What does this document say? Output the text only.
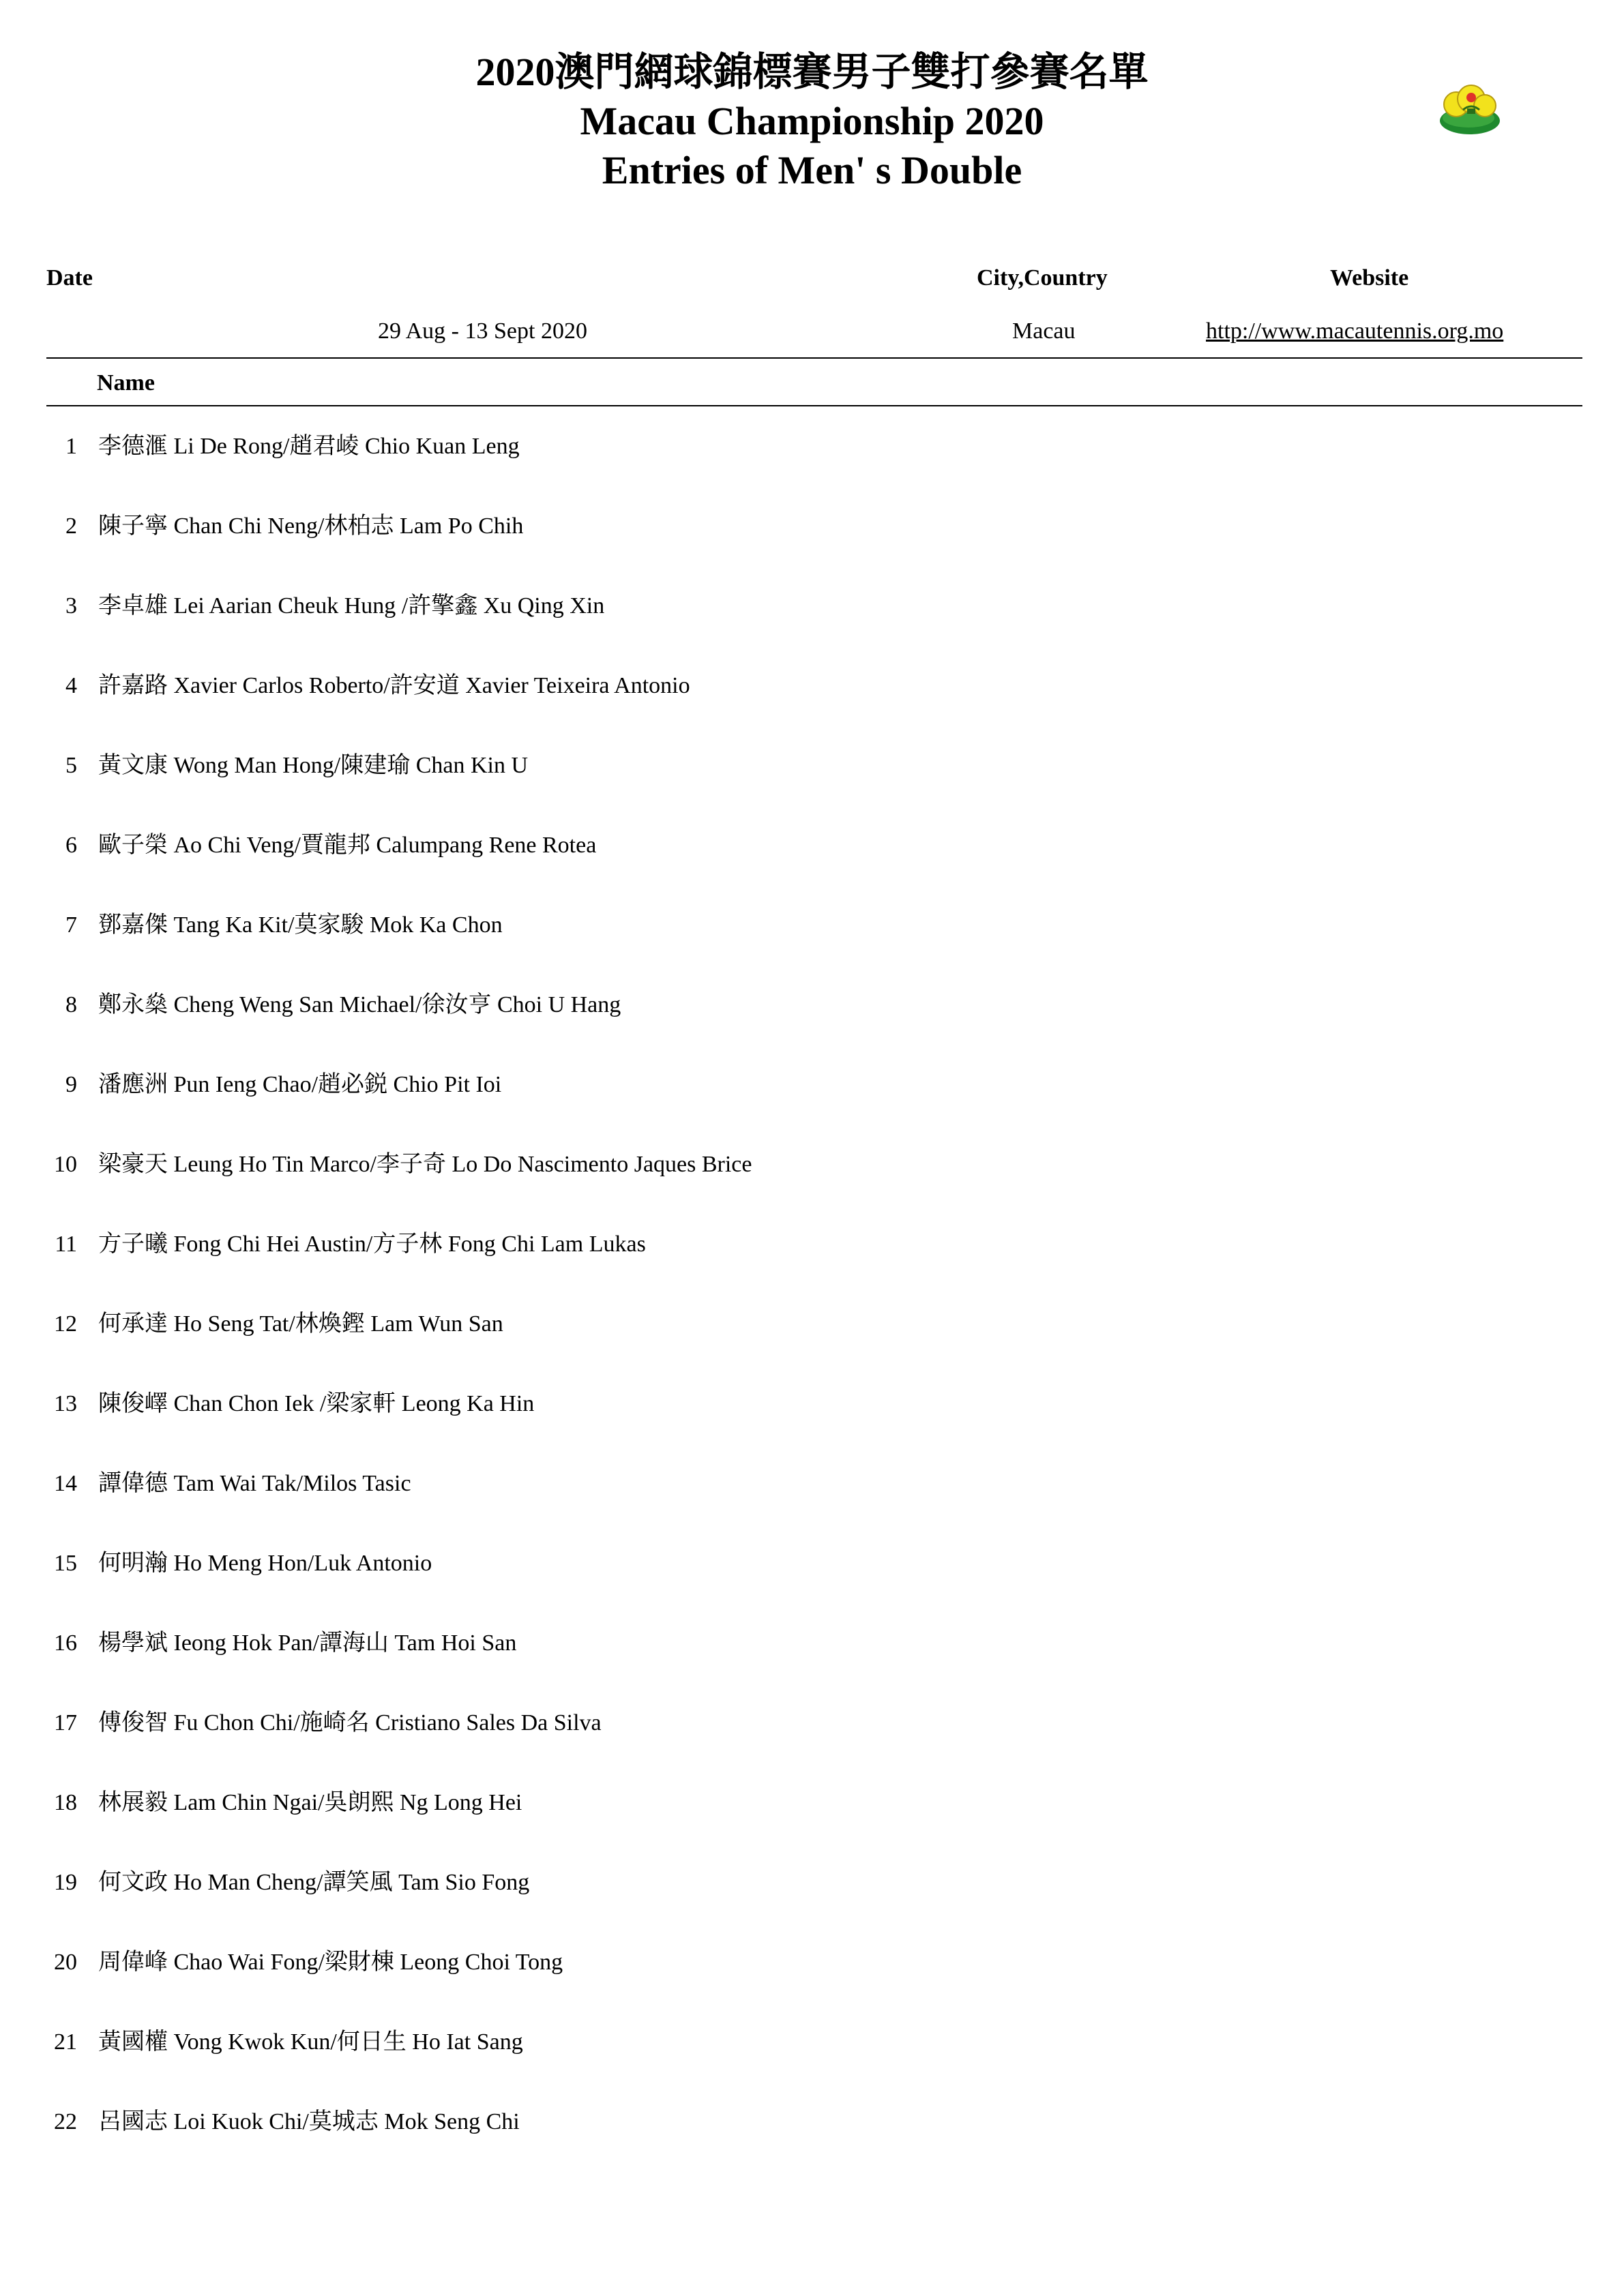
2020澳門網球錦標賽男子雙打參賽名單
Macau Championship 2020
Entries of Men' s Double
Date	City,Country	Website
29 Aug - 13 Sept 2020	Macau	http://www.macautennis.org.mo
Name
1 李德滙 Li De Rong/趙君崚 Chio Kuan Leng
2 陳子寧 Chan Chi Neng/林柏志 Lam Po Chih
3 李卓雄 Lei Aarian Cheuk Hung /許擎鑫 Xu Qing Xin
4 許嘉路 Xavier Carlos Roberto/許安道 Xavier Teixeira Antonio
5 黃文康 Wong Man Hong/陳建瑜 Chan Kin U
6 歐子榮 Ao Chi Veng/賈龍邦 Calumpang Rene Rotea
7 鄧嘉傑 Tang Ka Kit/莫家駿 Mok Ka Chon
8 鄭永燊 Cheng Weng San Michael/徐汝亨 Choi U Hang
9 潘應洲 Pun Ieng Chao/趙必鋭 Chio Pit Ioi
10 梁豪天 Leung Ho Tin Marco/李子奇 Lo Do Nascimento Jaques Brice
11 方子曦 Fong Chi Hei Austin/方子林 Fong Chi Lam Lukas
12 何承達 Ho Seng Tat/林煥鏗 Lam Wun San
13 陳俊嶧 Chan Chon Iek /梁家軒 Leong Ka Hin
14 譚偉德 Tam Wai Tak/Milos Tasic
15 何明瀚 Ho Meng Hon/Luk Antonio
16 楊學斌 Ieong Hok Pan/譚海山 Tam Hoi San
17 傅俊智 Fu Chon Chi/施崎名 Cristiano Sales Da Silva
18 林展毅 Lam Chin Ngai/吳朗熙 Ng Long Hei
19 何文政 Ho Man Cheng/譚笑風 Tam Sio Fong
20 周偉峰 Chao Wai Fong/梁財棟 Leong Choi Tong
21 黃國權 Vong Kwok Kun/何日生 Ho Iat Sang
22 呂國志 Loi Kuok Chi/莫城志 Mok Seng Chi
